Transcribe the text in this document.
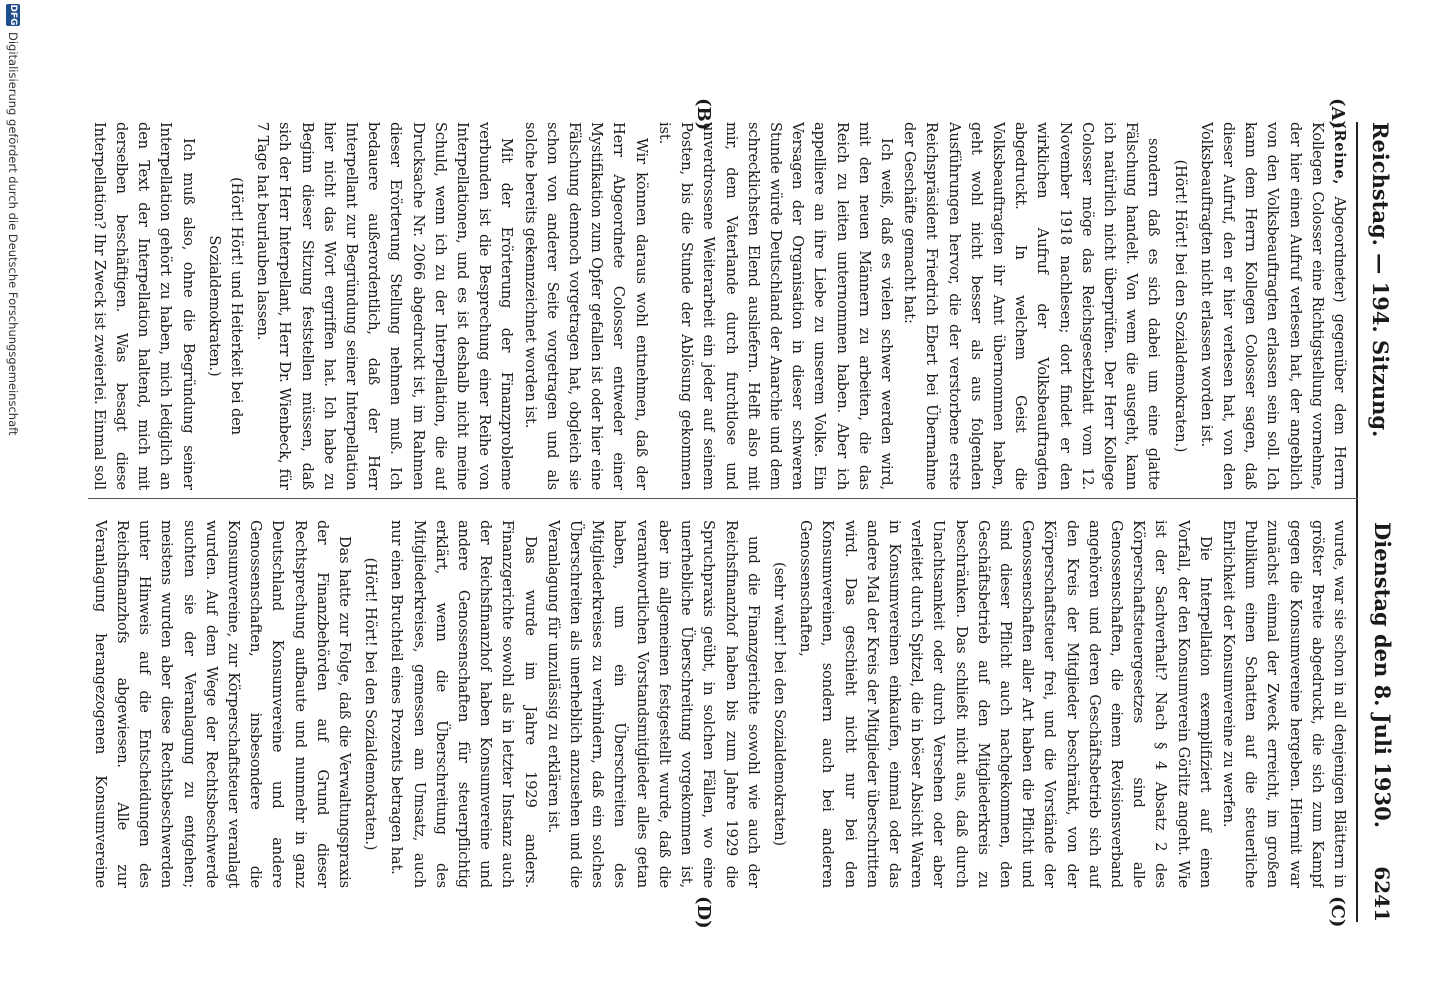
Reichstag. — 194. Sitzung.
Dienstag den 8. Juli 1930.
6241
(A)
(B)
(C)
(D)

(Reine, Abgeordneter) gegenüber dem Herrn Kollegen Colosser eine Richtigstellung vornehme, der hier einen Aufruf verlesen hat, der angeblich von den Volksbeauftragten erlassen sein soll. Ich kann dem Herrn Kollegen Colosser sagen, daß dieser Aufruf, den er hier verlesen hat, von den Volksbeauftragten nicht erlassen worden ist.

(Hört! Hört! bei den Sozialdemokraten.)

sondern daß es sich dabei um eine glatte Fälschung handelt. Von wem die ausgeht, kann ich natürlich nicht überprüfen. Der Herr Kollege Colosser möge das Reichsgesetzblatt vom 12. November 1918 nachlesen; dort findet er den wirklichen Aufruf der Volksbeauftragten abgedruckt. In welchem Geist die Volksbeauftragten ihr Amt übernommen haben, geht wohl nicht besser als aus folgenden Ausführungen hervor, die der verstorbene erste Reichspräsident Friedrich Ebert bei Übernahme der Geschäfte gemacht hat:

Ich weiß, daß es vielen schwer werden wird, mit den neuen Männern zu arbeiten, die das Reich zu leiten unternommen haben. Aber ich appelliere an ihre Liebe zu unserem Volke. Ein Versagen der Organisation in dieser schweren Stunde würde Deutschland der Anarchie und dem schrecklichsten Elend ausliefern. Helft also mit mir, dem Vaterlande durch furchtlose und unverdrossene Weiterarbeit ein jeder auf seinem Posten, bis die Stunde der Ablösung gekommen ist.

Wir können daraus wohl entnehmen, daß der Herr Abgeordnete Colosser entweder einer Mystifikation zum Opfer gefallen ist oder hier eine Fälschung dennoch vorgetragen hat, obgleich sie schon von anderer Seite vorgetragen und als solche bereits gekennzeichnet worden ist.

Mit der Erörterung der Finanzprobleme verbunden ist die Besprechung einer Reihe von Interpellationen, und es ist deshalb nicht meine Schuld, wenn ich zu der Interpellation, die auf Drucksache Nr. 2066 abgedruckt ist, im Rahmen dieser Erörterung Stellung nehmen muß. Ich bedauere außerordentlich, daß der Herr Interpellant zur Begründung seiner Interpellation hier nicht das Wort ergriffen hat. Ich habe zu Beginn dieser Sitzung feststellen müssen, daß sich der Herr Interpellant, Herr Dr. Wienbeck, für 7 Tage hat beurlauben lassen.

(Hört! Hört! und Heiterkeit bei den Sozialdemokraten.)

Ich muß also, ohne die Begründung seiner Interpellation gehört zu haben, mich lediglich an den Text der Interpellation haltend, mich mit derselben beschäftigen. Was besagt diese Interpellation? Ihr Zweck ist zweierlei. Einmal soll

wurde, war sie schon in all denjenigen Blättern in größter Breite abgedruckt, die sich zum Kampf gegen die Konsumvereine hergeben. Hiermit war zunächst einmal der Zweck erreicht, im großen Publikum einen Schatten auf die steuerliche Ehrlichkeit der Konsumvereine zu werfen.

Die Interpellation exemplifiziert auf einen Vorfall, der den Konsumverein Görlitz angeht. Wie ist der Sachverhalt? Nach § 4 Absatz 2 des Körperschaftsteuergesetzes sind alle Genossenschaften, die einem Revisionsverband angehören und deren Geschäftsbetrieb sich auf den Kreis der Mitglieder beschränkt, von der Körperschaftsteuer frei, und die Vorstände der Genossenschaften aller Art haben die Pflicht und sind dieser Pflicht auch nachgekommen, den Geschäftsbetrieb auf den Mitgliederkreis zu beschränken. Das schließt nicht aus, daß durch Unachtsamkeit oder durch Versehen oder aber verleitet durch Spitzel, die in böser Absicht Waren in Konsumvereinen einkaufen, einmal oder das andere Mal der Kreis der Mitglieder überschritten wird. Das geschieht nicht nur bei den Konsumvereinen, sondern auch bei anderen Genossenschaften,

(sehr wahr! bei den Sozialdemokraten)

und die Finanzgerichte sowohl wie auch der Reichsfinanzhof haben bis zum Jahre 1929 die Spruchpraxis geübt, in solchen Fällen, wo eine unerhebliche Überschreitung vorgekommen ist, aber im allgemeinen festgestellt wurde, daß die verantwortlichen Vorstandsmitglieder alles getan haben, um ein Überschreiten des Mitgliederkreises zu verhindern, daß ein solches Überschreiten als unerheblich anzusehen und die Veranlagung für unzulässig zu erklären ist.

Das wurde im Jahre 1929 anders. Finanzgerichte sowohl als in letzter Instanz auch der Reichsfinanzhof haben Konsumvereine und andere Genossenschaften für steuerpflichtig erklärt, wenn die Überschreitung des Mitgliederkreises, gemessen am Umsatz, auch nur einen Bruchteil eines Prozents betragen hat.

(Hört! Hört! bei den Sozialdemokraten.)

Das hatte zur Folge, daß die Verwaltungspraxis der Finanzbehörden auf Grund dieser Rechtsprechung aufbaute und nunmehr in ganz Deutschland Konsumvereine und andere Genossenschaften, insbesondere die Konsumvereine, zur Körperschaftsteuer veranlagt wurden. Auf dem Wege der Rechtsbeschwerde suchten sie der Veranlagung zu entgehen; meistens wurden aber diese Rechtsbeschwerden unter Hinweis auf die Entscheidungen des Reichsfinanzhofs abgewiesen. Alle zur Veranlagung herangezogenen Konsumvereine

DFG
Digitalisierung gefördert durch die Deutsche Forschungsgemeinschaft
